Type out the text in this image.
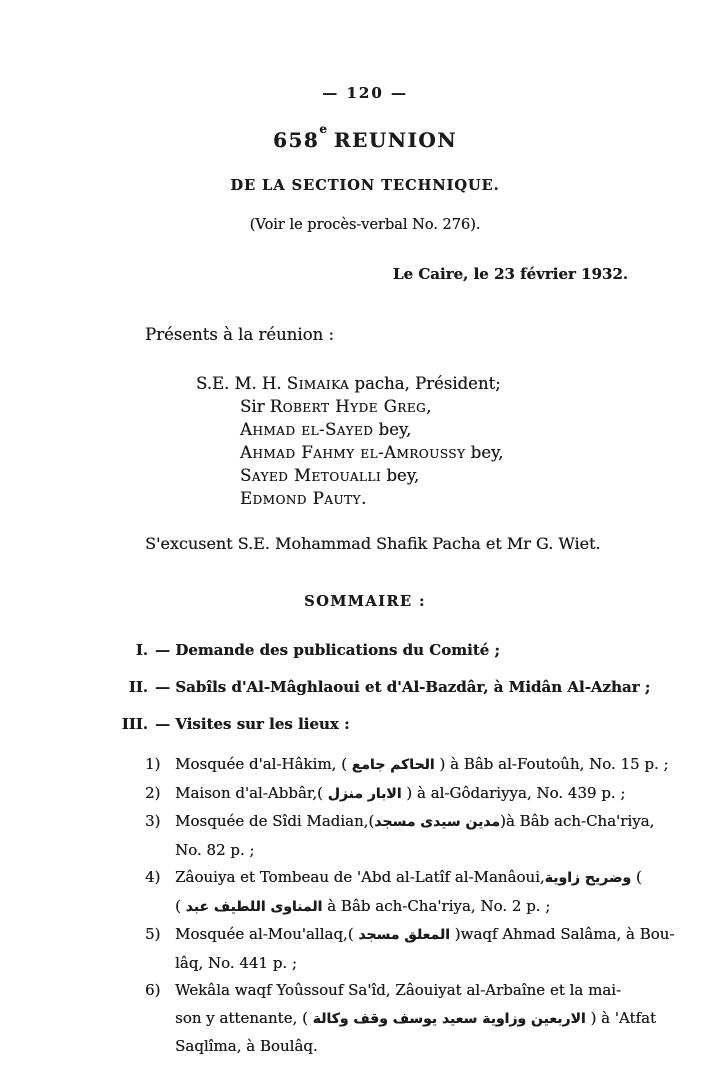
— 120 —
658e REUNION
DE LA SECTION TECHNIQUE.
(Voir le procès-verbal No. 276).
Le Caire, le 23 février 1932.
Présents à la réunion :
S.E. M. H. Simaika pacha, Président;
Sir Robert Hyde Greg,
Ahmad el-Sayed bey,
Ahmad Fahmy el-Amroussy bey,
Sayed Metoualli bey,
Edmond Pauty.
S'excusent S.E. Mohammad Shafik Pacha et Mr G. Wiet.
SOMMAIRE :
I. — Demande des publications du Comité ;
II. — Sabîls d'Al-Mâghlaoui et d'Al-Bazdâr, à Midân Al-Azhar ;
III. — Visites sur les lieux :
1) Mosquée d'al-Hâkim, ( جامع الحاكم ) à Bâb al-Foutoûh, No. 15 p. ;
2) Maison d'al-Abbâr,( منزل الابار ) à al-Gôdariyya, No. 439 p. ;
3) Mosquée de Sîdi Madian,(مسجد سيدى مدين)à Bâb ach-Cha'riya,
No. 82 p. ;
4) Zâouiya et Tombeau de 'Abd al-Latîf al-Manâoui,زاوية وضريح (
( عبد اللطيف المناوى à Bâb ach-Cha'riya, No. 2 p. ;
5) Mosquée al-Mou'allaq,( مسجد المعلق )waqf Ahmad Salâma, à Bou-
lâq, No. 441 p. ;
6) Wekâla waqf Yoûssouf Sa'îd, Zâouiyat al-Arbaîne et la mai-
son y attenante, ( وكالة وقف يوسف سعيد وزاوية الاربعين ) à 'Atfat
Saqlîma, à Boulâq.
